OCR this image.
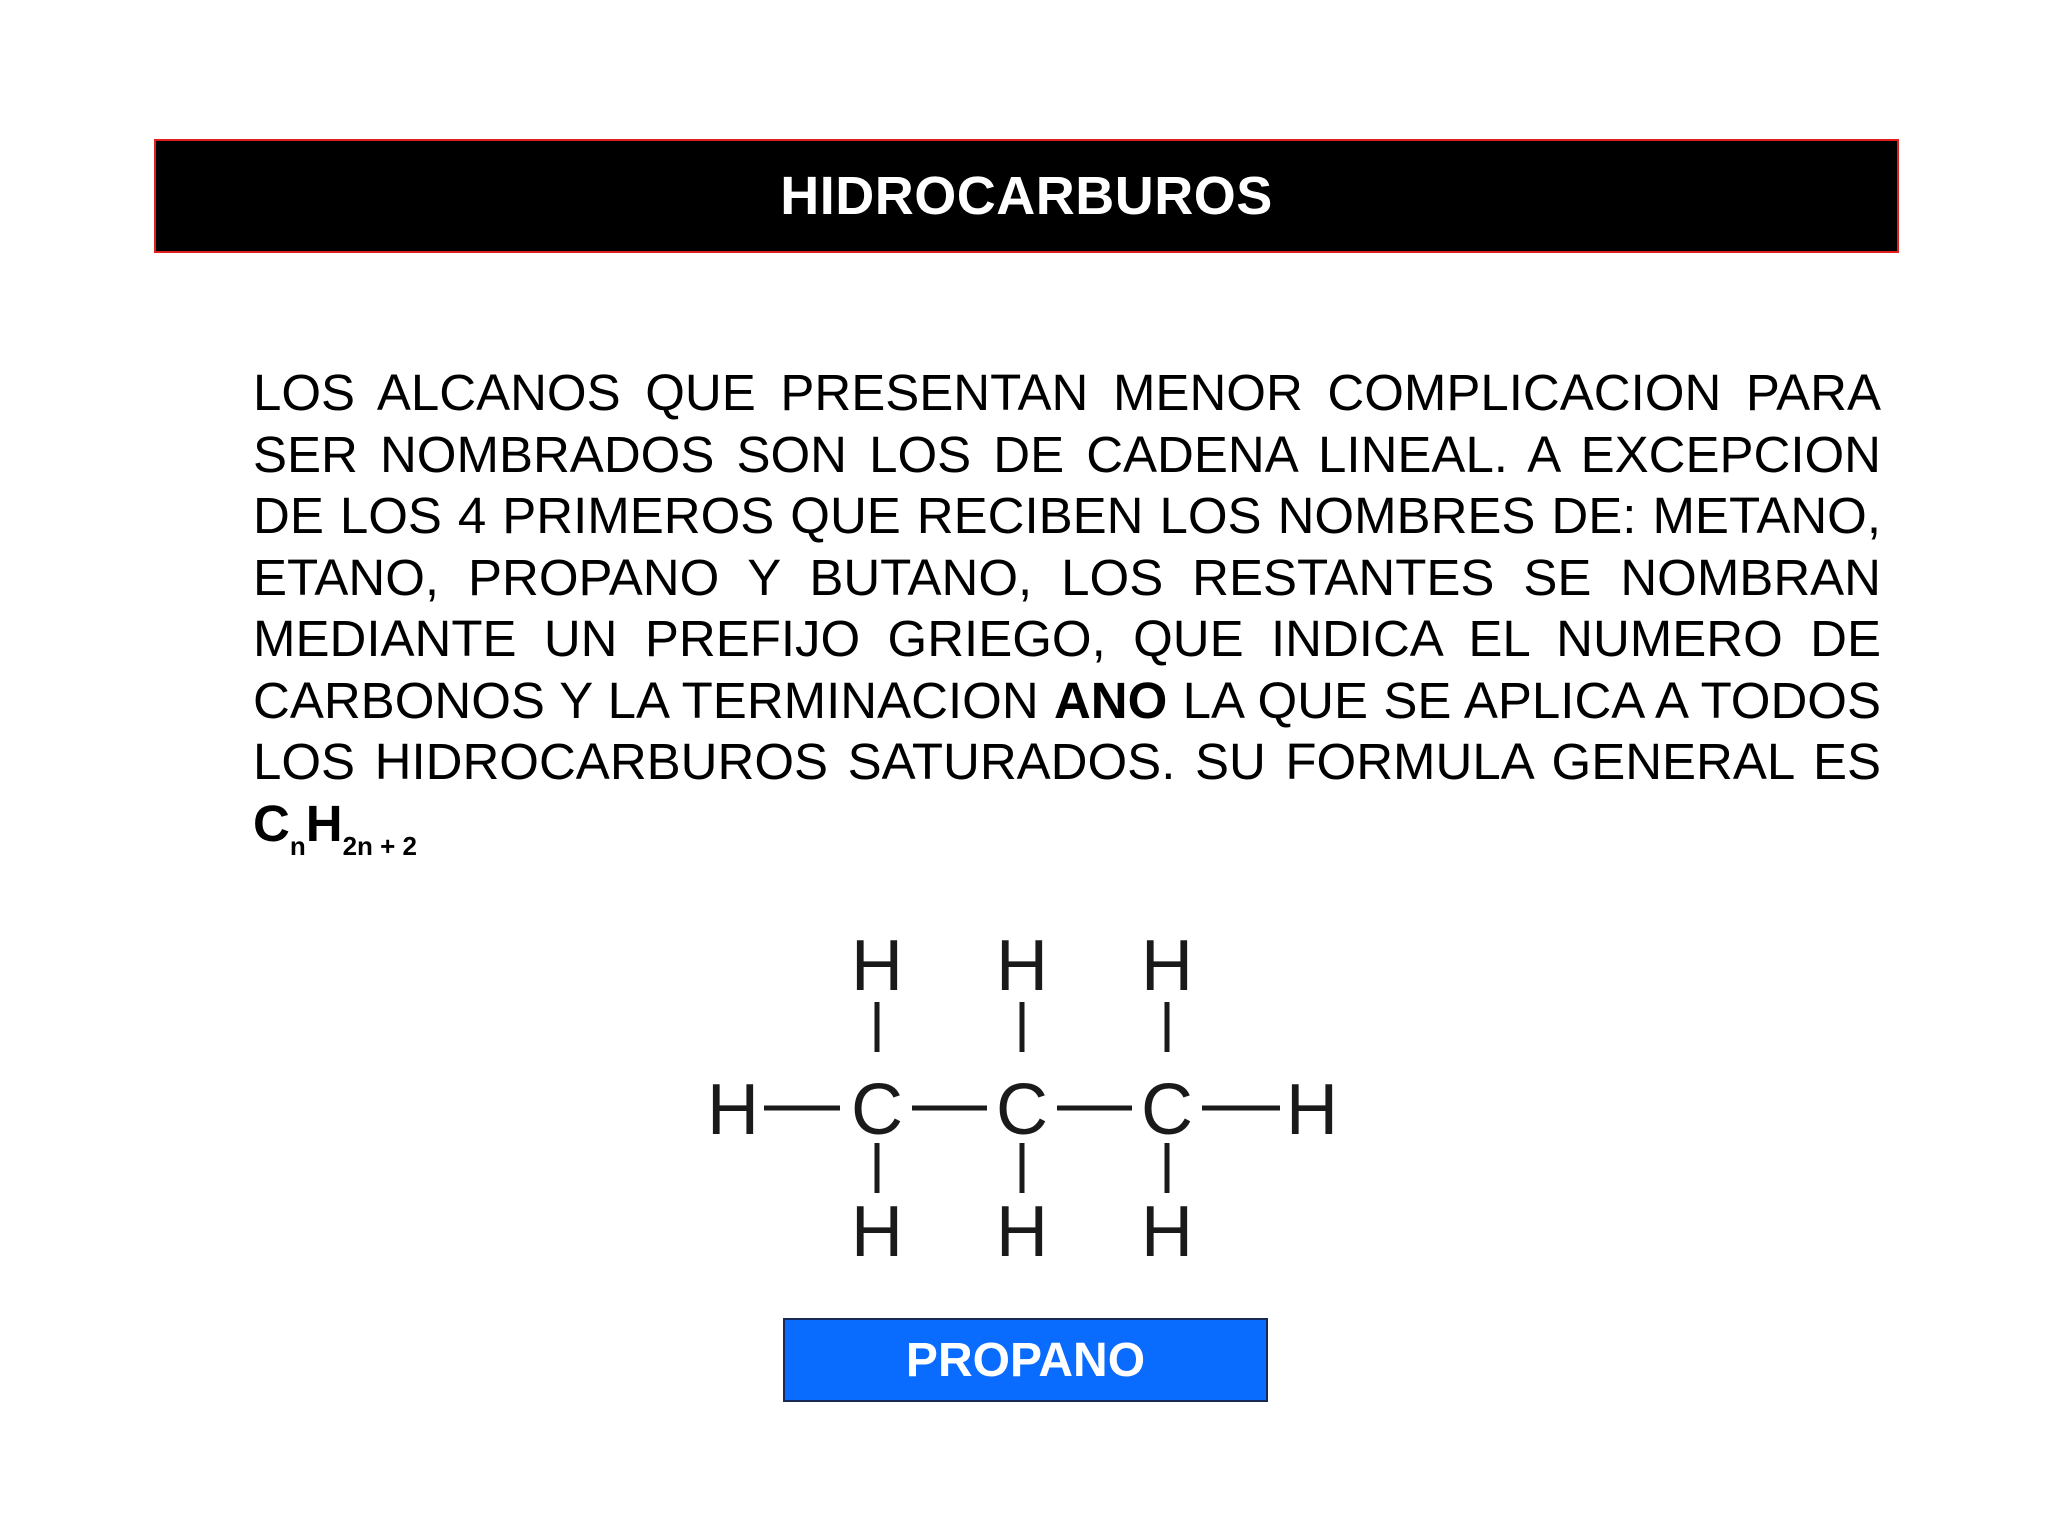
HIDROCARBUROS
LOS ALCANOS QUE PRESENTAN MENOR COMPLICACION PARA SER NOMBRADOS SON LOS DE CADENA LINEAL. A EXCEPCION DE LOS 4 PRIMEROS QUE RECIBEN LOS NOMBRES DE: METANO, ETANO, PROPANO Y BUTANO, LOS RESTANTES SE NOMBRAN MEDIANTE UN PREFIJO GRIEGO, QUE INDICA EL NUMERO DE CARBONOS Y LA TERMINACION ANO LA QUE SE APLICA A TODOS LOS HIDROCARBUROS SATURADOS. SU FORMULA GENERAL ES $C_nH_{2n + 2}$
H H H
H C C C H
H H H
PROPANO
